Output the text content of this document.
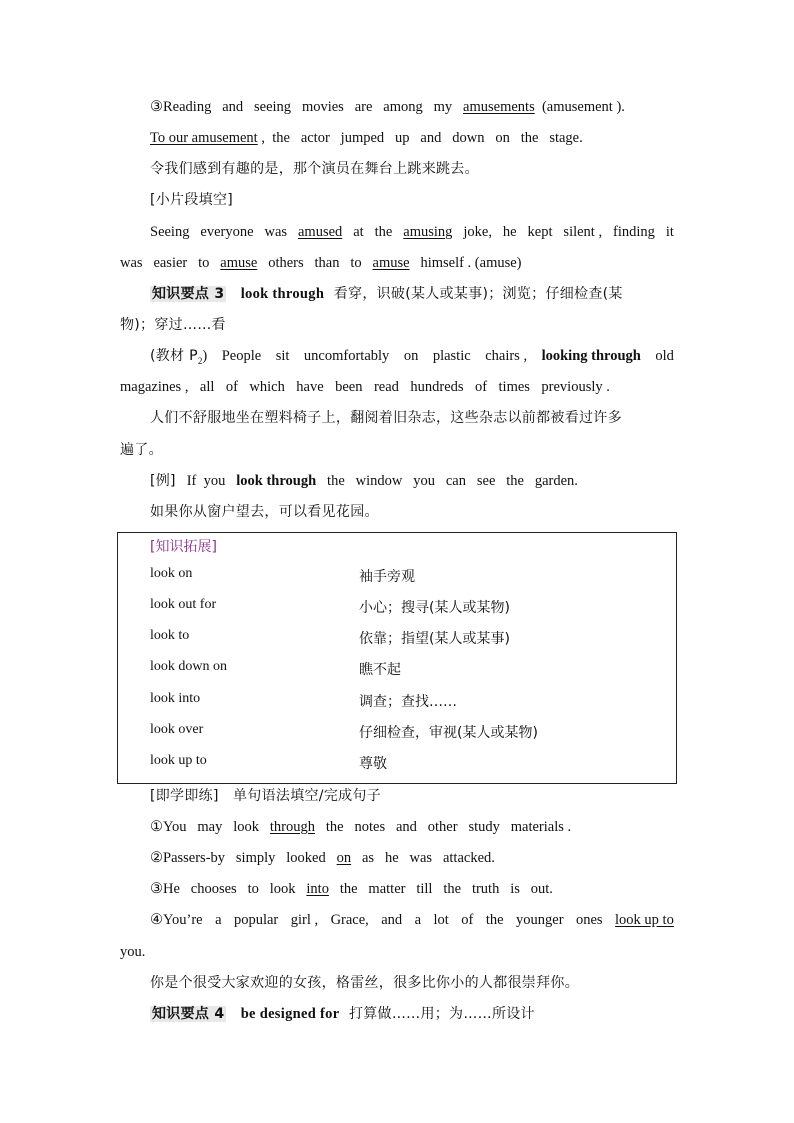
③Reading and seeing movies are among my amusements (amusement ).
To our amusement , the actor jumped up and down on the stage.
令我们感到有趣的是，那个演员在舞台上跳来跳去。
[小片段填空]
Seeing everyone was amused at the amusing joke, he kept silent , finding it
was easier to amuse others than to amuse himself . (amuse)
知识要点 3 look through 看穿，识破(某人或某事)；浏览；仔细检查(某
物)；穿过……看
(教材 $P_2$) People sit uncomfortably on plastic chairs , looking through old
magazines , all of which have been read hundreds of times previously .
人们不舒服地坐在塑料椅子上，翻阅着旧杂志，这些杂志以前都被看过许多
遍了。
[例] If you look through the window you can see the garden.
如果你从窗户望去，可以看见花园。
[知识拓展]
look on	袖手旁观
look out for	小心；搜寻(某人或某物)
look to	依靠；指望(某人或某事)
look down on	瞧不起
look into	调查；查找……
look over	仔细检查，审视(某人或某物)
look up to	尊敬
[即学即练] 单句语法填空/完成句子
①You may look through the notes and other study materials .
②Passers-by simply looked on as he was attacked.
③He chooses to look into the matter till the truth is out.
④You’re a popular girl , Grace, and a lot of the younger ones look up to
you.
你是个很受大家欢迎的女孩，格雷丝，很多比你小的人都很崇拜你。
知识要点 4 be designed for 打算做……用；为……所设计
